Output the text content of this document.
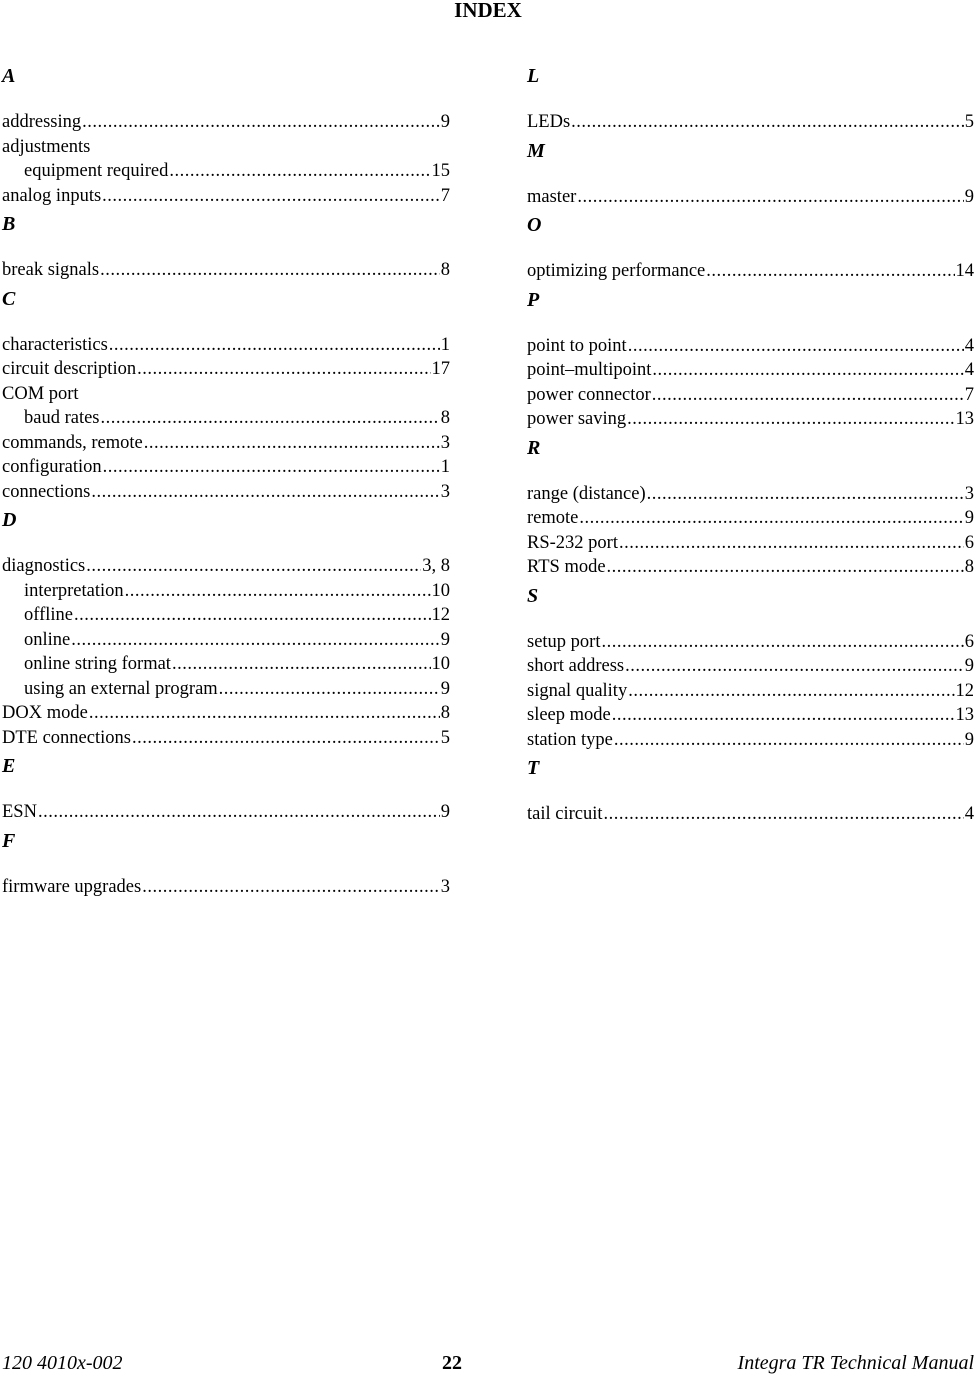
INDEX
A
addressing .....	9
adjustments
equipment required .....	15
analog inputs .....	7
B
break signals .....	8
C
characteristics .....	1
circuit description .....	17
COM port
baud rates .....	8
commands, remote .....	3
configuration .....	1
connections .....	3
D
diagnostics .....	3, 8
interpretation .....	10
offline .....	12
online .....	9
online string format .....	10
using an external program .....	9
DOX mode .....	8
DTE connections .....	5
E
ESN .....	9
F
firmware upgrades .....	3
L
LEDs .....	5
M
master .....	9
O
optimizing performance .....	14
P
point to point .....	4
point–multipoint .....	4
power connector .....	7
power saving .....	13
R
range (distance) .....	3
remote .....	9
RS-232 port .....	6
RTS mode .....	8
S
setup port .....	6
short address .....	9
signal quality .....	12
sleep mode .....	13
station type .....	9
T
tail circuit .....	4
120 4010x-002	22	Integra TR Technical Manual
